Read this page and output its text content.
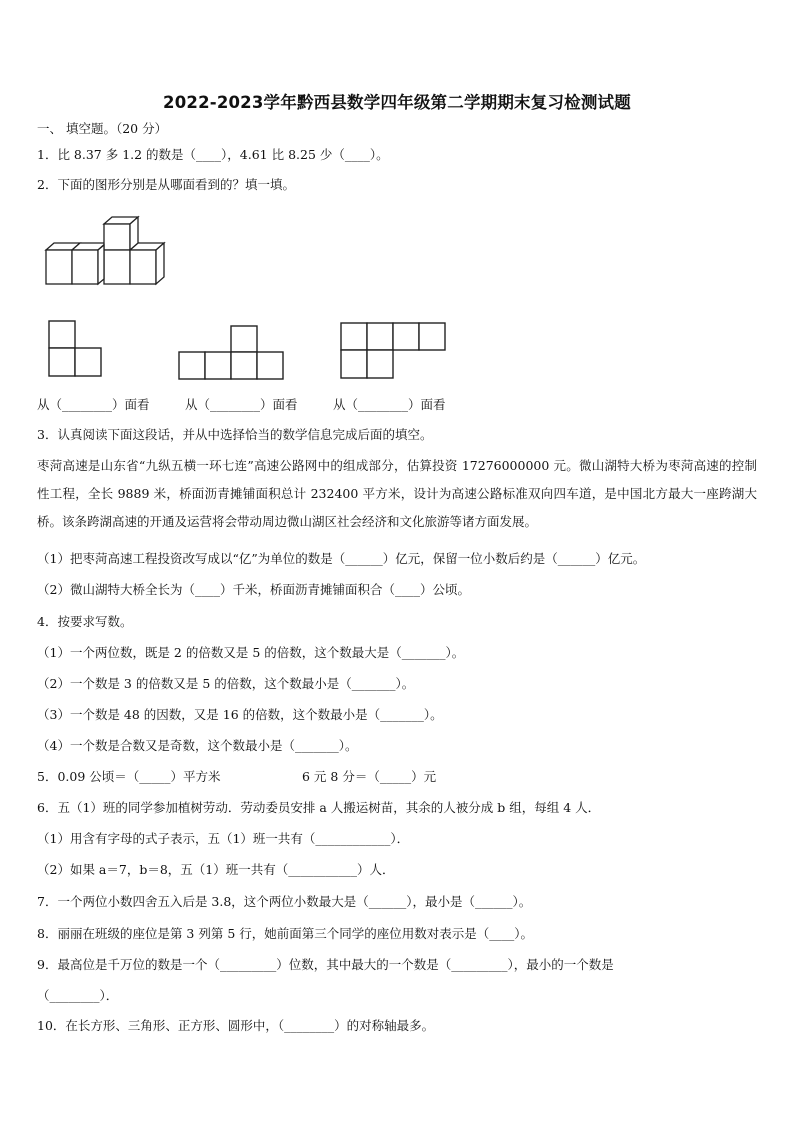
2022-2023学年黔西县数学四年级第二学期期末复习检测试题
一、 填空题。（20 分）
1．比 8.37 多 1.2 的数是（____），4.61 比 8.25 少（____）。
2．下面的图形分别是从哪面看到的？填一填。
从（________）面看	从（________）面看	从（________）面看
3．认真阅读下面这段话，并从中选择恰当的数学信息完成后面的填空。
枣菏高速是山东省“九纵五横一环七连”高速公路网中的组成部分，估算投资 17276000000 元。微山湖特大桥为枣菏高速的控制性工程，全长 9889 米，桥面沥青摊铺面积总计 232400 平方米，设计为高速公路标准双向四车道，是中国北方最大一座跨湖大桥。该条跨湖高速的开通及运营将会带动周边微山湖区社会经济和文化旅游等诸方面发展。
（1）把枣菏高速工程投资改写成以“亿”为单位的数是（______）亿元，保留一位小数后约是（______）亿元。
（2）微山湖特大桥全长为（____）千米，桥面沥青摊铺面积合（____）公顷。
4．按要求写数。
（1）一个两位数，既是 2 的倍数又是 5 的倍数，这个数最大是（_______）。
（2）一个数是 3 的倍数又是 5 的倍数，这个数最小是（_______）。
（3）一个数是 48 的因数，又是 16 的倍数，这个数最小是（_______）。
（4）一个数是合数又是奇数，这个数最小是（_______）。
5．0.09 公顷＝（_____）平方米	6 元 8 分＝（_____）元
6．五（1）班的同学参加植树劳动．劳动委员安排 a 人搬运树苗，其余的人被分成 b 组，每组 4 人．
（1）用含有字母的式子表示，五（1）班一共有（____________）．
（2）如果 a＝7，b＝8，五（1）班一共有（___________）人．
7．一个两位小数四舍五入后是 3.8，这个两位小数最大是（______），最小是（______）。
8．丽丽在班级的座位是第 3 列第 5 行，她前面第三个同学的座位用数对表示是（____）。
9．最高位是千万位的数是一个（_________）位数，其中最大的一个数是（_________），最小的一个数是
（________）．
10．在长方形、三角形、正方形、圆形中，（________）的对称轴最多。
